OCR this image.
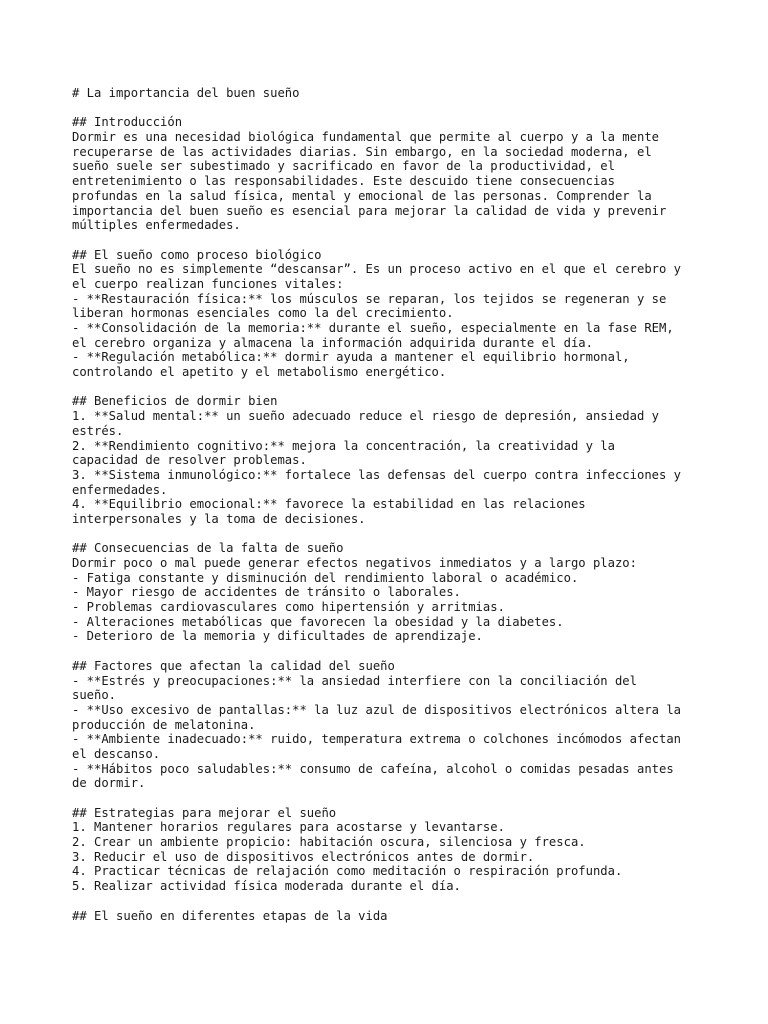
# La importancia del buen sueño
## Introducción
Dormir es una necesidad biológica fundamental que permite al cuerpo y a la mente
recuperarse de las actividades diarias. Sin embargo, en la sociedad moderna, el
sueño suele ser subestimado y sacrificado en favor de la productividad, el
entretenimiento o las responsabilidades. Este descuido tiene consecuencias
profundas en la salud física, mental y emocional de las personas. Comprender la
importancia del buen sueño es esencial para mejorar la calidad de vida y prevenir
múltiples enfermedades.
## El sueño como proceso biológico
El sueño no es simplemente “descansar”. Es un proceso activo en el que el cerebro y
el cuerpo realizan funciones vitales:
- **Restauración física:** los músculos se reparan, los tejidos se regeneran y se
liberan hormonas esenciales como la del crecimiento.
- **Consolidación de la memoria:** durante el sueño, especialmente en la fase REM,
el cerebro organiza y almacena la información adquirida durante el día.
- **Regulación metabólica:** dormir ayuda a mantener el equilibrio hormonal,
controlando el apetito y el metabolismo energético.
## Beneficios de dormir bien
1. **Salud mental:** un sueño adecuado reduce el riesgo de depresión, ansiedad y
estrés.
2. **Rendimiento cognitivo:** mejora la concentración, la creatividad y la
capacidad de resolver problemas.
3. **Sistema inmunológico:** fortalece las defensas del cuerpo contra infecciones y
enfermedades.
4. **Equilibrio emocional:** favorece la estabilidad en las relaciones
interpersonales y la toma de decisiones.
## Consecuencias de la falta de sueño
Dormir poco o mal puede generar efectos negativos inmediatos y a largo plazo:
- Fatiga constante y disminución del rendimiento laboral o académico.
- Mayor riesgo de accidentes de tránsito o laborales.
- Problemas cardiovasculares como hipertensión y arritmias.
- Alteraciones metabólicas que favorecen la obesidad y la diabetes.
- Deterioro de la memoria y dificultades de aprendizaje.
## Factores que afectan la calidad del sueño
- **Estrés y preocupaciones:** la ansiedad interfiere con la conciliación del
sueño.
- **Uso excesivo de pantallas:** la luz azul de dispositivos electrónicos altera la
producción de melatonina.
- **Ambiente inadecuado:** ruido, temperatura extrema o colchones incómodos afectan
el descanso.
- **Hábitos poco saludables:** consumo de cafeína, alcohol o comidas pesadas antes
de dormir.
## Estrategias para mejorar el sueño
1. Mantener horarios regulares para acostarse y levantarse.
2. Crear un ambiente propicio: habitación oscura, silenciosa y fresca.
3. Reducir el uso de dispositivos electrónicos antes de dormir.
4. Practicar técnicas de relajación como meditación o respiración profunda.
5. Realizar actividad física moderada durante el día.
## El sueño en diferentes etapas de la vida
